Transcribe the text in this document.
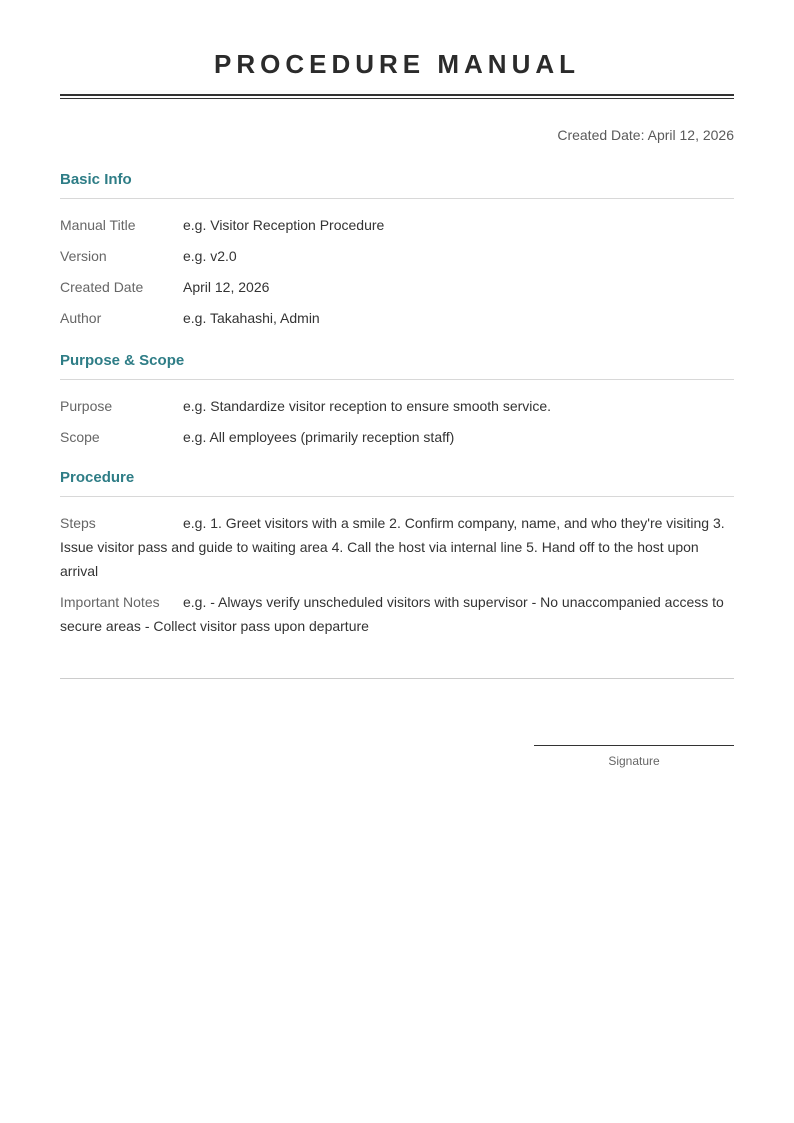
PROCEDURE MANUAL
Created Date: April 12, 2026
Basic Info
Manual Title	e.g. Visitor Reception Procedure
Version	e.g. v2.0
Created Date	April 12, 2026
Author	e.g. Takahashi, Admin
Purpose & Scope
Purpose	e.g. Standardize visitor reception to ensure smooth service.
Scope	e.g. All employees (primarily reception staff)
Procedure
Steps	e.g. 1. Greet visitors with a smile 2. Confirm company, name, and who they're visiting 3. Issue visitor pass and guide to waiting area 4. Call the host via internal line 5. Hand off to the host upon arrival
Important Notes e.g. - Always verify unscheduled visitors with supervisor - No unaccompanied access to secure areas - Collect visitor pass upon departure
Signature
